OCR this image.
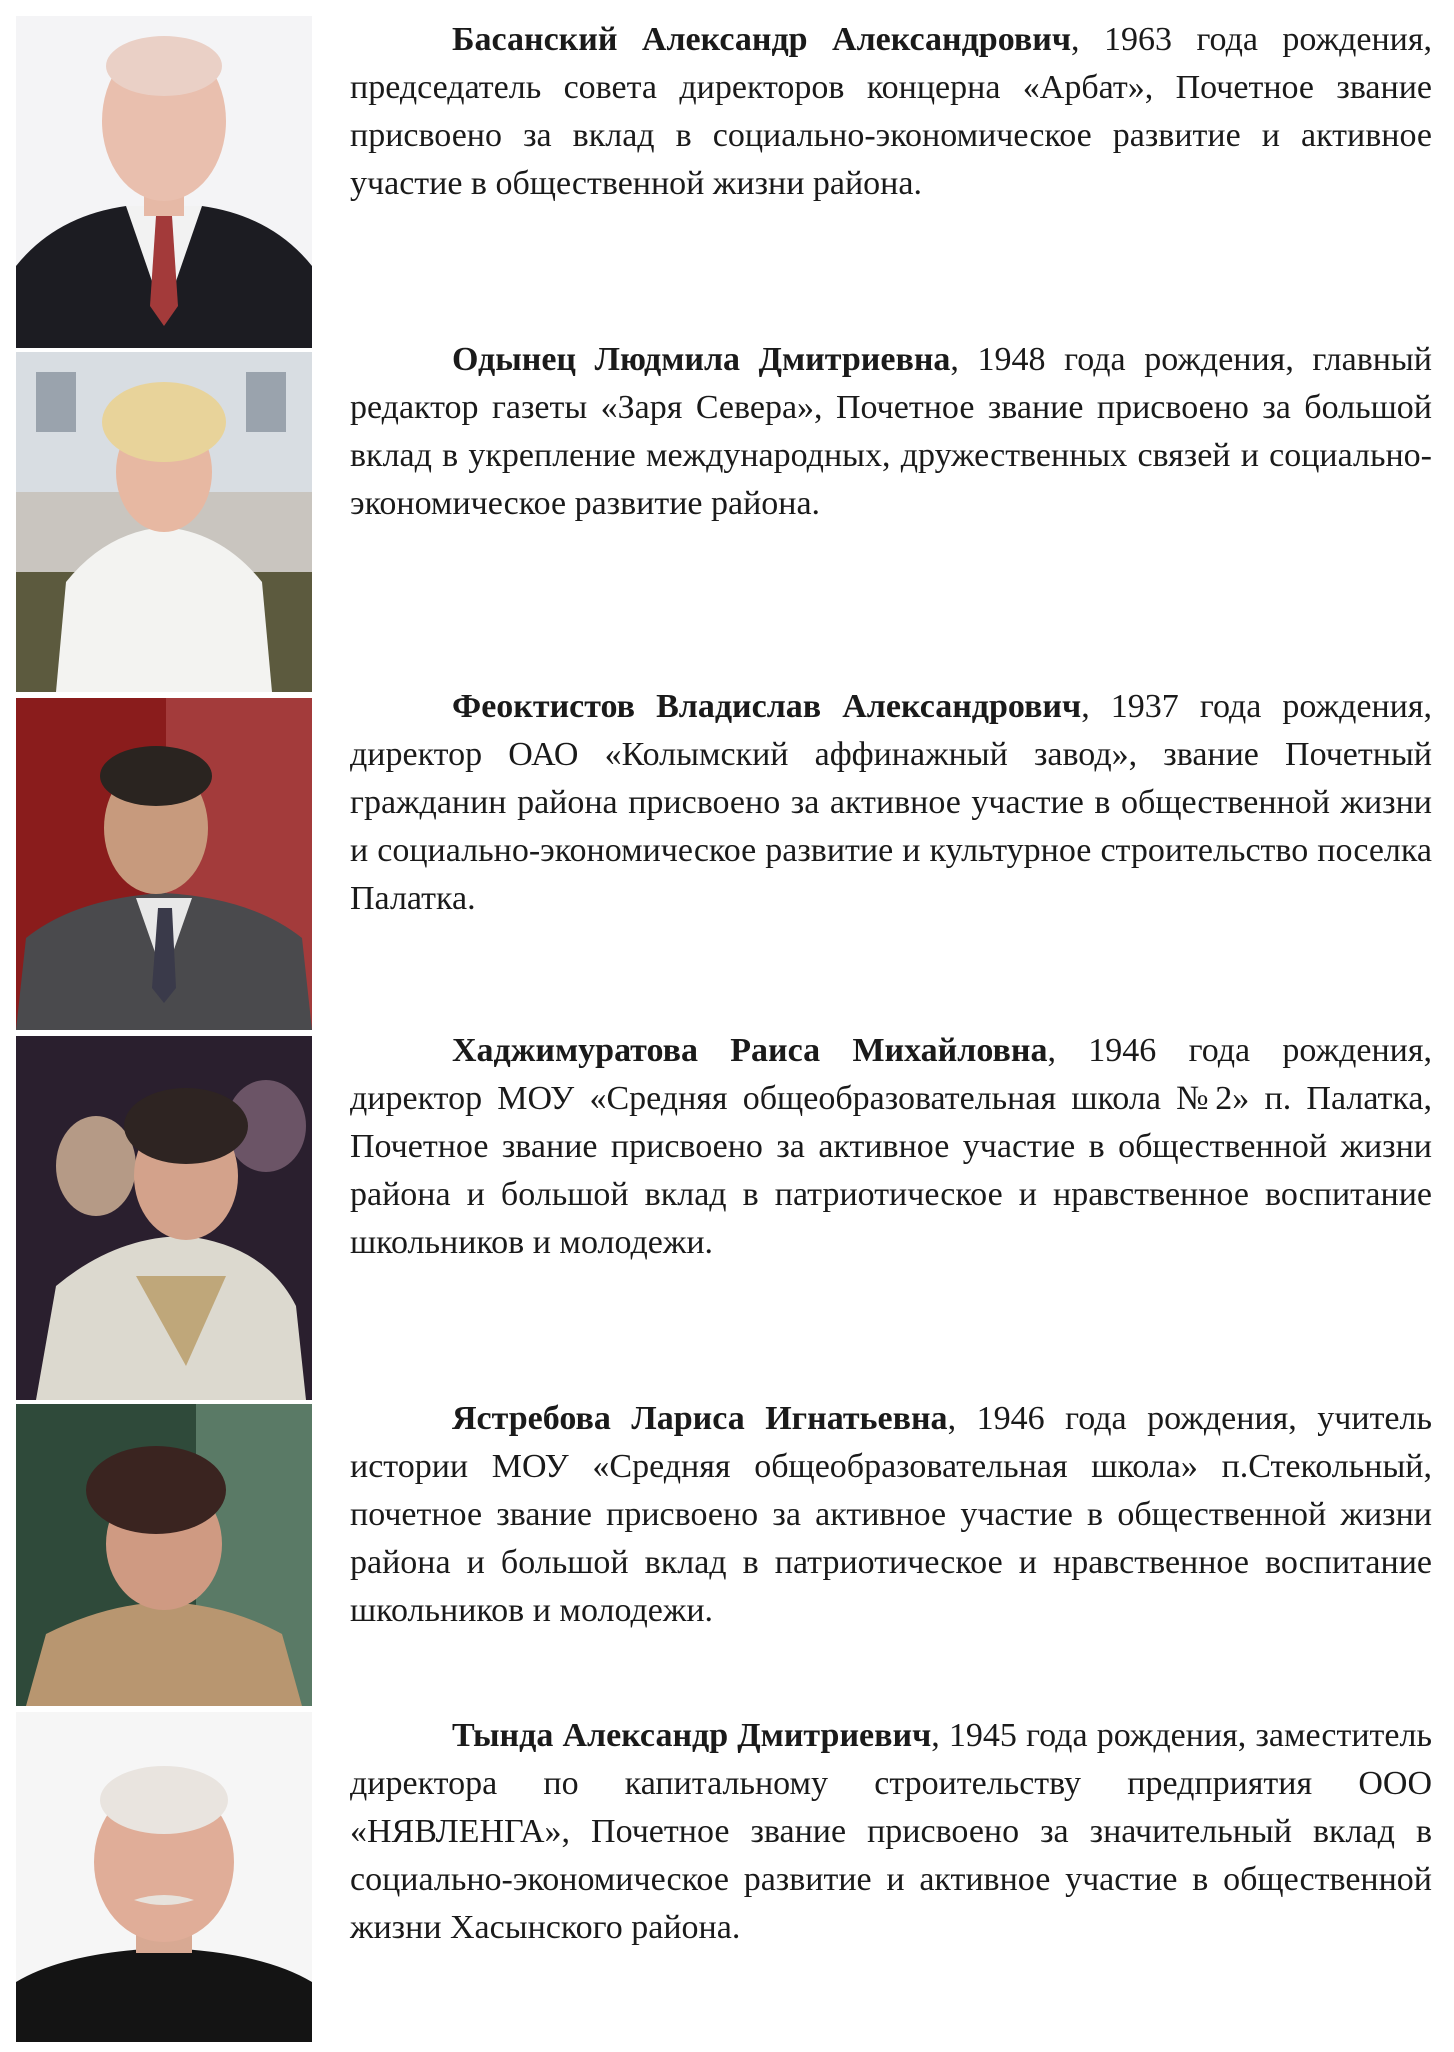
Басанский Александр Александрович, 1963 года рождения, председатель совета директоров концерна «Арбат», Почетное звание присвоено за вклад в социально-экономическое развитие и активное участие в общественной жизни района.

Одынец Людмила Дмитриевна, 1948 года рождения, главный редактор газеты «Заря Севера», Почетное звание присвоено за большой вклад в укрепление международных, дружественных связей и социально-экономическое развитие района.

Феоктистов Владислав Александрович, 1937 года рождения, директор ОАО «Колымский аффинажный завод», звание Почетный гражданин района присвоено за активное участие в общественной жизни и социально-экономическое развитие и культурное строительство поселка Палатка.

Хаджимуратова Раиса Михайловна, 1946 года рождения, директор МОУ «Средняя общеобразовательная школа №2» п. Палатка, Почетное звание присвоено за активное участие в общественной жизни района и большой вклад в патриотическое и нравственное воспитание школьников и молодежи.

Ястребова Лариса Игнатьевна, 1946 года рождения, учитель истории МОУ «Средняя общеобразовательная школа» п.Стекольный, почетное звание присвоено за активное участие в общественной жизни района и большой вклад в патриотическое и нравственное воспитание школьников и молодежи.

Тында Александр Дмитриевич, 1945 года рождения, заместитель директора по капитальному строительству предприятия ООО «НЯВЛЕНГА», Почетное звание присвоено за значительный вклад в социально-экономическое развитие и активное участие в общественной жизни Хасынского района.
